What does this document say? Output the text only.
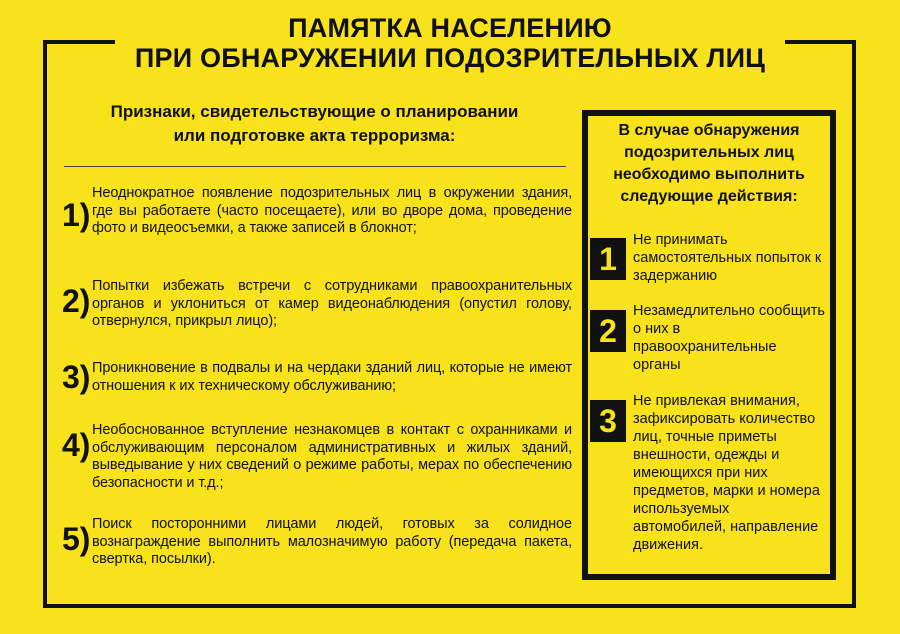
ПАМЯТКА НАСЕЛЕНИЮ
ПРИ ОБНАРУЖЕНИИ ПОДОЗРИТЕЛЬНЫХ ЛИЦ
Признаки, свидетельствующие о планировании
или подготовке акта терроризма:
1)
Неоднократное появление подозрительных лиц в окружении здания, где вы работаете (часто посещаете), или во дворе дома, проведение фото и видеосъемки, а также записей в блокнот;
2) Попытки избежать встречи с сотрудниками правоохранительных органов и уклониться от камер видеонаблюдения (опустил голову, отвернулся, прикрыл лицо);
3) Проникновение в подвалы и на чердаки зданий лиц, которые не имеют отношения к их техническому обслуживанию;
4) Необоснованное вступление незнакомцев в контакт с охранниками и обслуживающим персоналом административных и жилых зданий, выведывание у них сведений о режиме работы, мерах по обеспечению безопасности и т.д.;
5) Поиск посторонними лицами людей, готовых за солидное вознаграждение выполнить малозначимую работу (передача пакета, свертка, посылки).
В случае обнаружения
подозрительных лиц
необходимо выполнить
следующие действия:
1
Не принимать самостоятельных попыток к задержанию
2
Незамедлительно сообщить о них в правоохранительные органы
3
Не привлекая внимания, зафиксировать количество лиц, точные приметы внешности, одежды и имеющихся при них предметов, марки и номера используемых автомобилей, направление движения.
